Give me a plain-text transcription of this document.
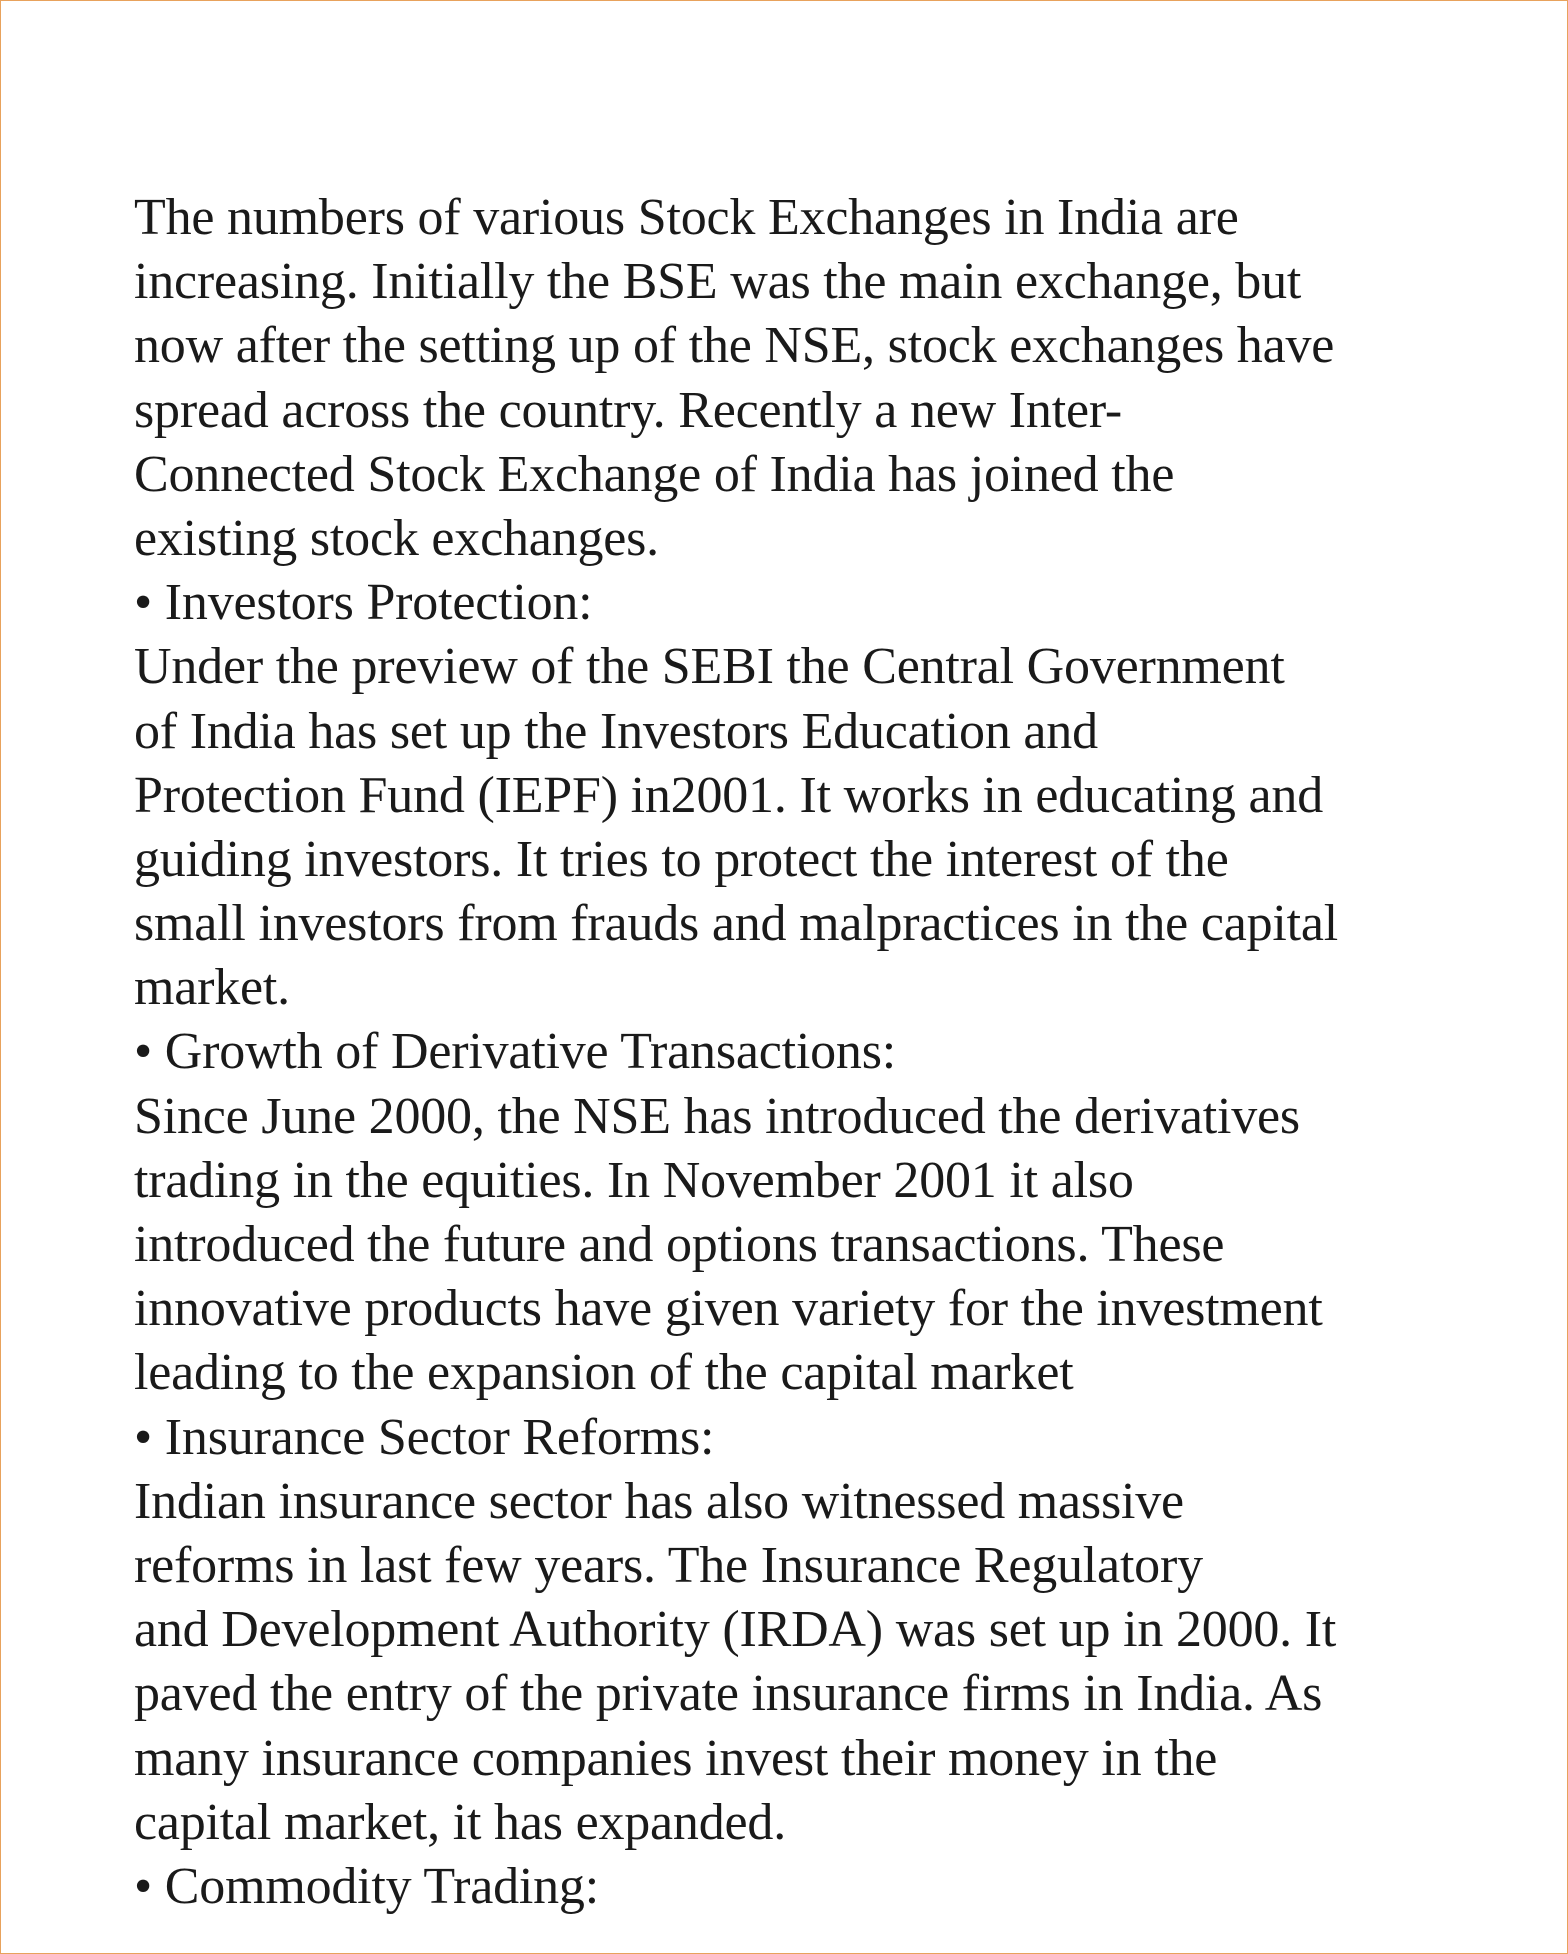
The numbers of various Stock Exchanges in India are
increasing. Initially the BSE was the main exchange, but
now after the setting up of the NSE, stock exchanges have
spread across the country. Recently a new Inter-
Connected Stock Exchange of India has joined the
existing stock exchanges.
• Investors Protection:
Under the preview of the SEBI the Central Government
of India has set up the Investors Education and
Protection Fund (IEPF) in2001. It works in educating and
guiding investors. It tries to protect the interest of the
small investors from frauds and malpractices in the capital
market.
• Growth of Derivative Transactions:
Since June 2000, the NSE has introduced the derivatives
trading in the equities. In November 2001 it also
introduced the future and options transactions. These
innovative products have given variety for the investment
leading to the expansion of the capital market
• Insurance Sector Reforms:
Indian insurance sector has also witnessed massive
reforms in last few years. The Insurance Regulatory
and Development Authority (IRDA) was set up in 2000. It
paved the entry of the private insurance firms in India. As
many insurance companies invest their money in the
capital market, it has expanded.
• Commodity Trading:
